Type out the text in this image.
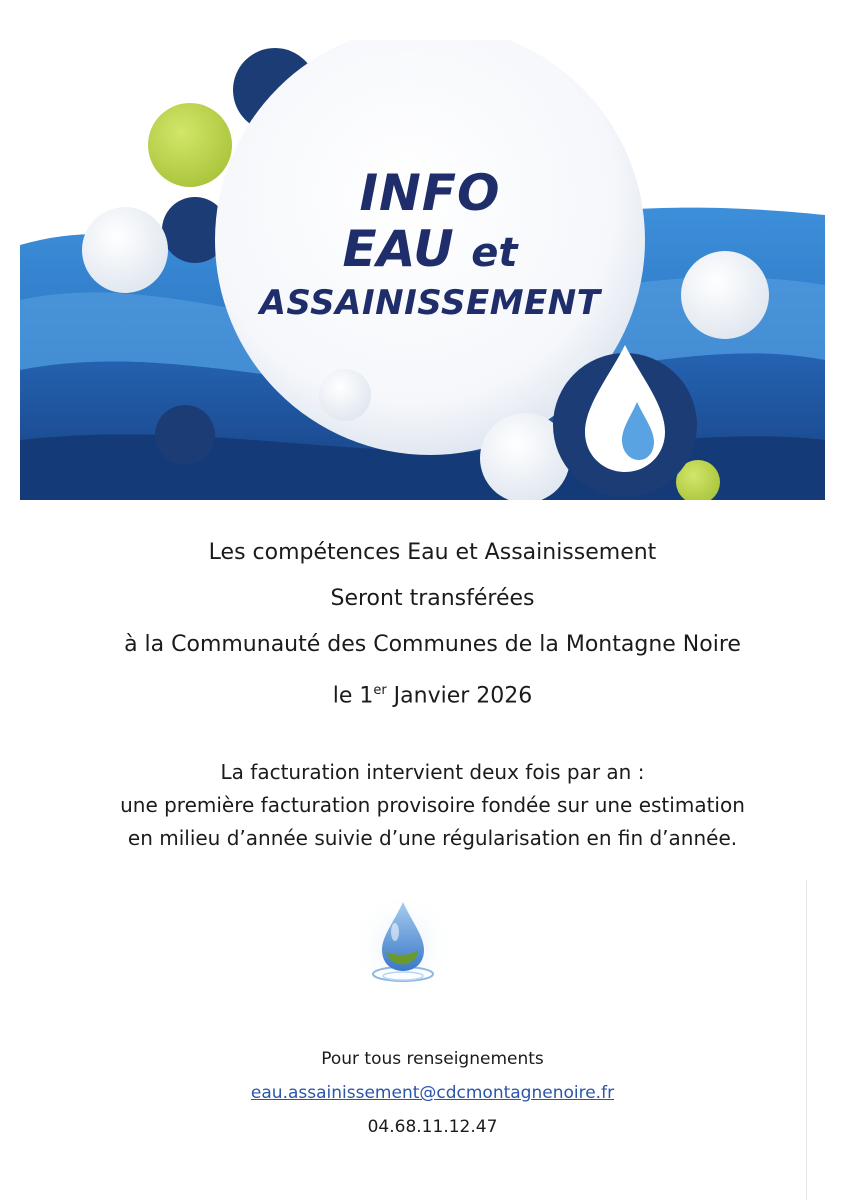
INFO
EAU et
ASSAINISSEMENT
Les compétences Eau et Assainissement
Seront transférées
à la Communauté des Communes de la Montagne Noire
le 1er Janvier 2026
La facturation intervient deux fois par an :
une première facturation provisoire fondée sur une estimation
en milieu d’année suivie d’une régularisation en fin d’année.
Pour tous renseignements
eau.assainissement@cdcmontagnenoire.fr
04.68.11.12.47
